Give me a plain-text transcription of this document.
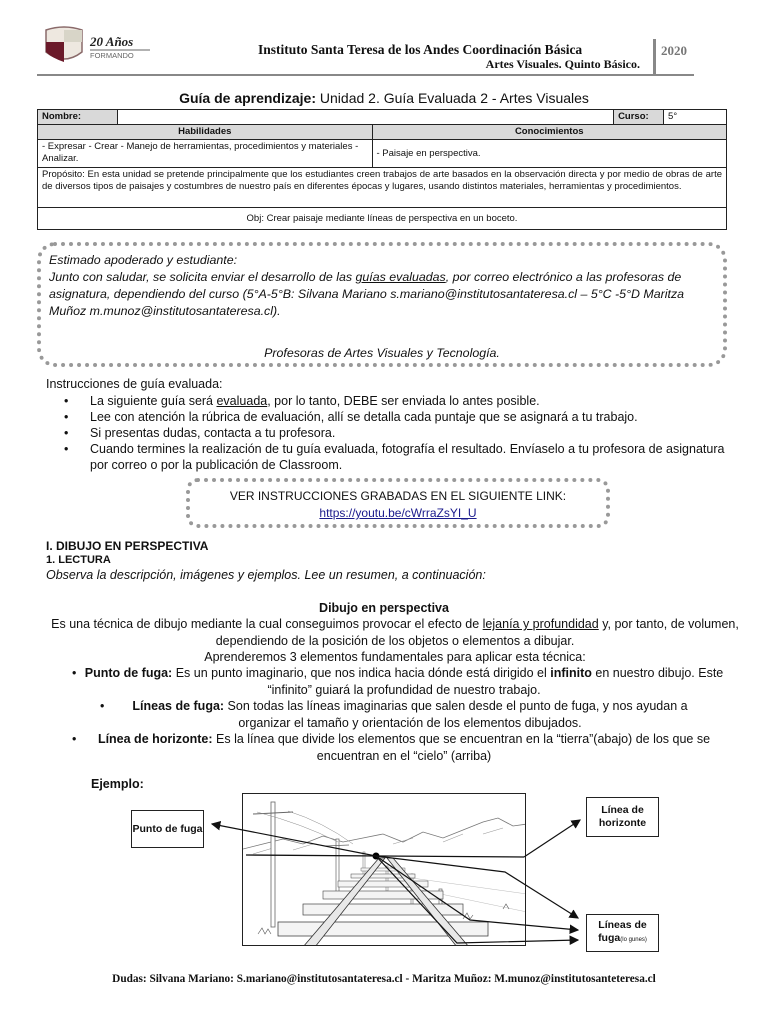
20 Años
FORMANDO	Instituto Santa Teresa de los Andes Coordinación Básica
Artes Visuales. Quinto Básico.
2020
Guía de aprendizaje: Unidad 2. Guía Evaluada 2 - Artes Visuales
Nombre:			Curso:	5°
Habilidades		Conocimientos		
- Expresar - Crear - Manejo de herramientas, procedimientos y materiales - Analizar.		- Paisaje en perspectiva.		
Propósito: En esta unidad se pretende principalmente que los estudiantes creen trabajos de arte basados en la observación directa y por medio de obras de arte de diversos tipos de paisajes y costumbres de nuestro país en diferentes épocas y lugares, usando distintos materiales, herramientas y procedimientos.				
Obj: Crear paisaje mediante líneas de perspectiva en un boceto.				
Estimado apoderado y estudiante:
Junto con saludar, se solicita enviar el desarrollo de las guías evaluadas, por correo electrónico a las profesoras de asignatura, dependiendo del curso (5°A-5°B: Silvana Mariano s.mariano@institutosantateresa.cl – 5°C -5°D Maritza Muñoz m.munoz@institutosantateresa.cl).
Profesoras de Artes Visuales y Tecnología.
Instrucciones de guía evaluada:
• La siguiente guía será evaluada, por lo tanto, DEBE ser enviada lo antes posible.
• Lee con atención la rúbrica de evaluación, allí se detalla cada puntaje que se asignará a tu trabajo.
• Si presentas dudas, contacta a tu profesora.
• Cuando termines la realización de tu guía evaluada, fotografía el resultado. Envíaselo a tu profesora de asignatura por correo o por la publicación de Classroom.
VER INSTRUCCIONES GRABADAS EN EL SIGUIENTE LINK:
https://youtu.be/cWrraZsYI_U
I. DIBUJO EN PERSPECTIVA
1. LECTURA
Observa la descripción, imágenes y ejemplos. Lee un resumen, a continuación:
Dibujo en perspectiva
Es una técnica de dibujo mediante la cual conseguimos provocar el efecto de lejanía y profundidad y, por tanto, de volumen, dependiendo de la posición de los objetos o elementos a dibujar.
Aprenderemos 3 elementos fundamentales para aplicar esta técnica:
• Punto de fuga: Es un punto imaginario, que nos indica hacia dónde está dirigido el infinito en nuestro dibujo. Este “infinito” guiará la profundidad de nuestro trabajo.
• Líneas de fuga: Son todas las líneas imaginarias que salen desde el punto de fuga, y nos ayudan a organizar el tamaño y orientación de los elementos dibujados.
• Línea de horizonte: Es la línea que divide los elementos que se encuentran en la “tierra”(abajo) de los que se encuentran en el “cielo” (arriba)
Ejemplo:
Punto de fuga
Línea de horizonte
Líneas de fuga(lo gunes)
Dudas: Silvana Mariano: S.mariano@institutosantateresa.cl - Maritza Muñoz: M.munoz@institutosanteteresa.cl
